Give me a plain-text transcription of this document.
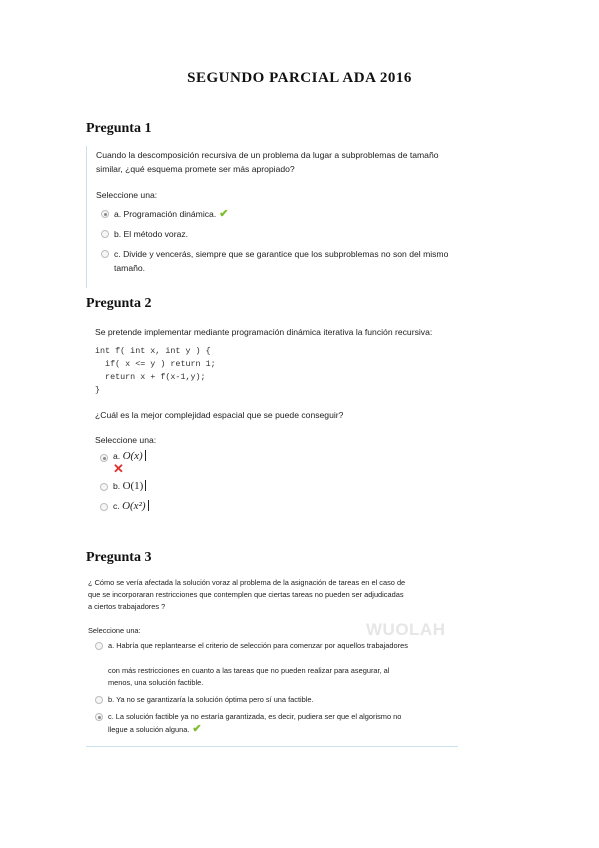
SEGUNDO PARCIAL ADA 2016
Pregunta 1
Cuando la descomposición recursiva de un problema da lugar a subproblemas de tamaño
similar, ¿qué esquema promete ser más apropiado?
Seleccione una:
a. Programación dinámica. ✔
b. El método voraz.
c. Divide y vencerás, siempre que se garantice que los subproblemas no son del mismo
tamaño.
Pregunta 2
Se pretende implementar mediante programación dinámica iterativa la función recursiva:
int f( int x, int y ) {
if( x <= y ) return 1;
return x + f(x-1,y);
}
¿Cuál es la mejor complejidad espacial que se puede conseguir?
Seleccione una:
a. O(x)
✕
b. O(1)
c. O(x²)
Pregunta 3
¿ Cómo se vería afectada la solución voraz al problema de la asignación de tareas en el caso de
que se incorporaran restricciones que contemplen que ciertas tareas no pueden ser adjudicadas
a ciertos trabajadores ?
Seleccione una:
a. Habría que replantearse el criterio de selección para comenzar por aquellos trabajadores
con más restricciones en cuanto a las tareas que no pueden realizar para asegurar, al
menos, una solución factible.
b. Ya no se garantizaría la solución óptima pero sí una factible.
c. La solución factible ya no estaría garantizada, es decir, pudiera ser que el algorismo no
llegue a solución alguna. ✔
WUOLAH
